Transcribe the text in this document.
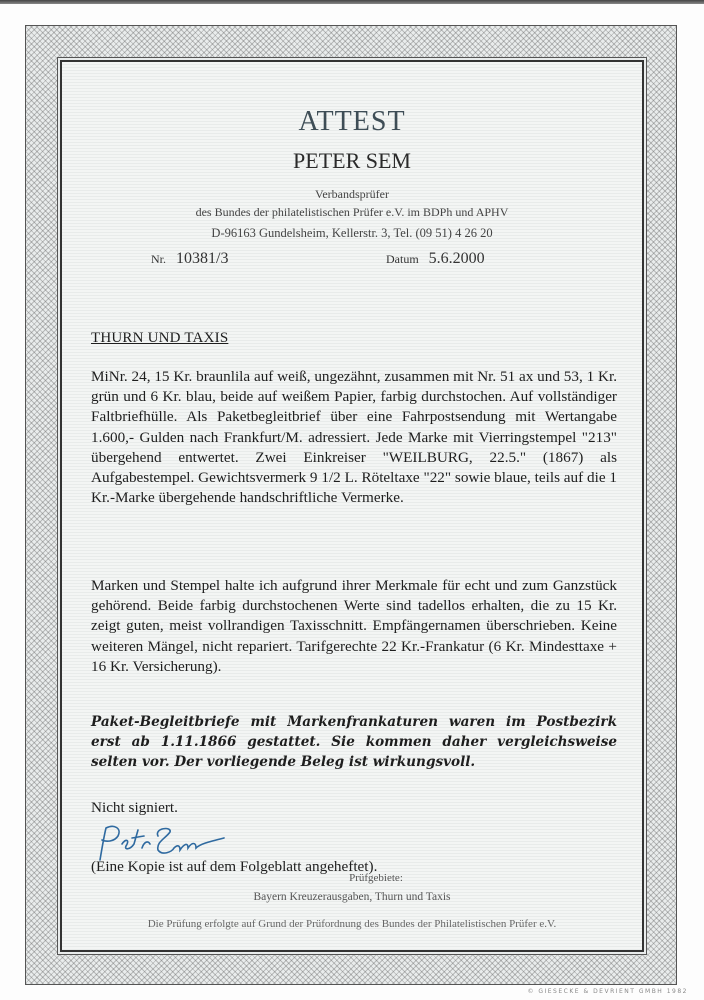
ATTEST
PETER SEM
Verbandsprüfer
des Bundes der philatelistischen Prüfer e.V. im BDPh und APHV
D-96163 Gundelsheim, Kellerstr. 3, Tel. (09 51) 4 26 20
Nr. 10381/3	Datum 5.6.2000
THURN UND TAXIS

MiNr. 24, 15 Kr. braunlila auf weiß, ungezähnt, zusammen mit Nr. 51 ax und 53, 1 Kr. grün und 6 Kr. blau, beide auf weißem Papier, farbig durchstochen. Auf vollständiger Faltbriefhülle. Als Paketbegleitbrief über eine Fahrpostsendung mit Wertangabe 1.600,- Gulden nach Frankfurt/M. adressiert. Jede Marke mit Vierringstempel "213" übergehend entwertet. Zwei Einkreiser "WEILBURG, 22.5." (1867) als Aufgabestempel. Gewichtsvermerk 9 1/2 L. Röteltaxe "22" sowie blaue, teils auf die 1 Kr.-Marke übergehende handschriftliche Vermerke.

Marken und Stempel halte ich aufgrund ihrer Merkmale für echt und zum Ganzstück gehörend. Beide farbig durchstochenen Werte sind tadellos erhalten, die zu 15 Kr. zeigt guten, meist vollrandigen Taxisschnitt. Empfängernamen überschrieben. Keine weiteren Mängel, nicht repariert. Tarifgerechte 22 Kr.-Frankatur (6 Kr. Mindesttaxe + 16 Kr. Versicherung).

Paket-Begleitbriefe mit Markenfrankaturen waren im Postbezirk erst ab 1.11.1866 gestattet. Sie kommen daher vergleichsweise selten vor. Der vorliegende Beleg ist wirkungsvoll.

Nicht signiert.

(Eine Kopie ist auf dem Folgeblatt angeheftet).
Prüfgebiete:
Bayern Kreuzerausgaben, Thurn und Taxis
Die Prüfung erfolgte auf Grund der Prüfordnung des Bundes der Philatelistischen Prüfer e.V.
© GIESECKE & DEVRIENT GMBH 1982
